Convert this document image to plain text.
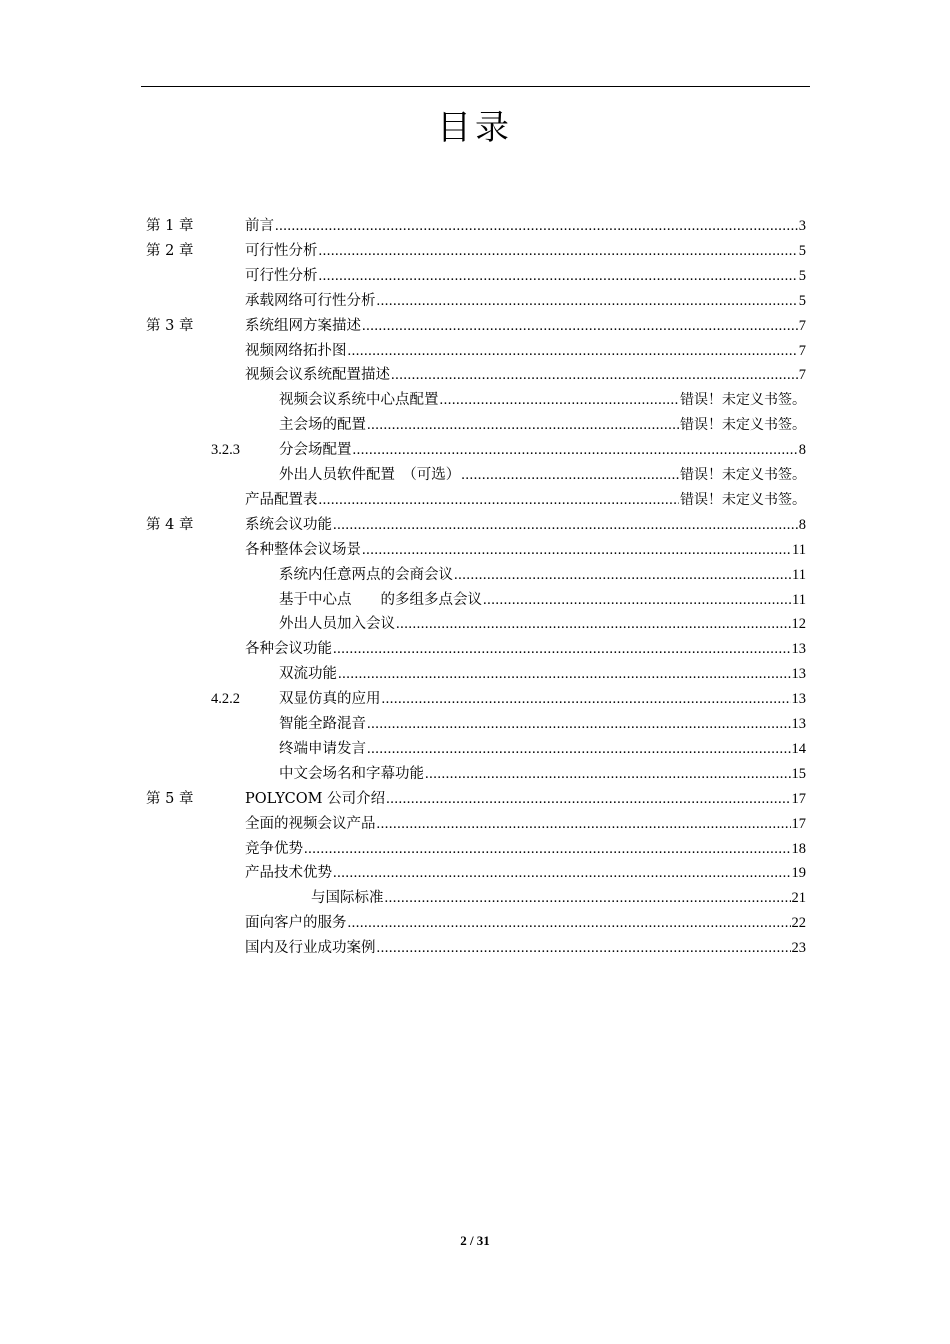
目录
第 1 章	前言 .....	3
第 2 章	可行性分析 .....	5
可行性分析 .....	5
承载网络可行性分析 .....	5
第 3 章	系统组网方案描述 .....	7
视频网络拓扑图 .....	7
视频会议系统配置描述 .....	7
视频会议系统中心点配置 .....	错误！未定义书签。
主会场的配置 .....	错误！未定义书签。
3.2.3	分会场配置 .....	8
外出人员软件配置　（可选） .....	错误！未定义书签。
产品配置表 .....	错误！未定义书签。
第 4 章	系统会议功能 .....	8
各种整体会议场景 .....	11
系统内任意两点的会商会议 .....	11
基于中心点　　的多组多点会议 .....	11
外出人员加入会议 .....	12
各种会议功能 .....	13
双流功能 .....	13
4.2.2	双显仿真的应用 .....	13
智能全路混音 .....	13
终端申请发言 .....	14
中文会场名和字幕功能 .....	15
第 5 章	POLYCOM 公司介绍 .....	17
全面的视频会议产品 .....	17
竞争优势 .....	18
产品技术优势 .....	19
与国际标准 .....	21
面向客户的服务 .....	22
国内及行业成功案例 .....	23
2 / 31
